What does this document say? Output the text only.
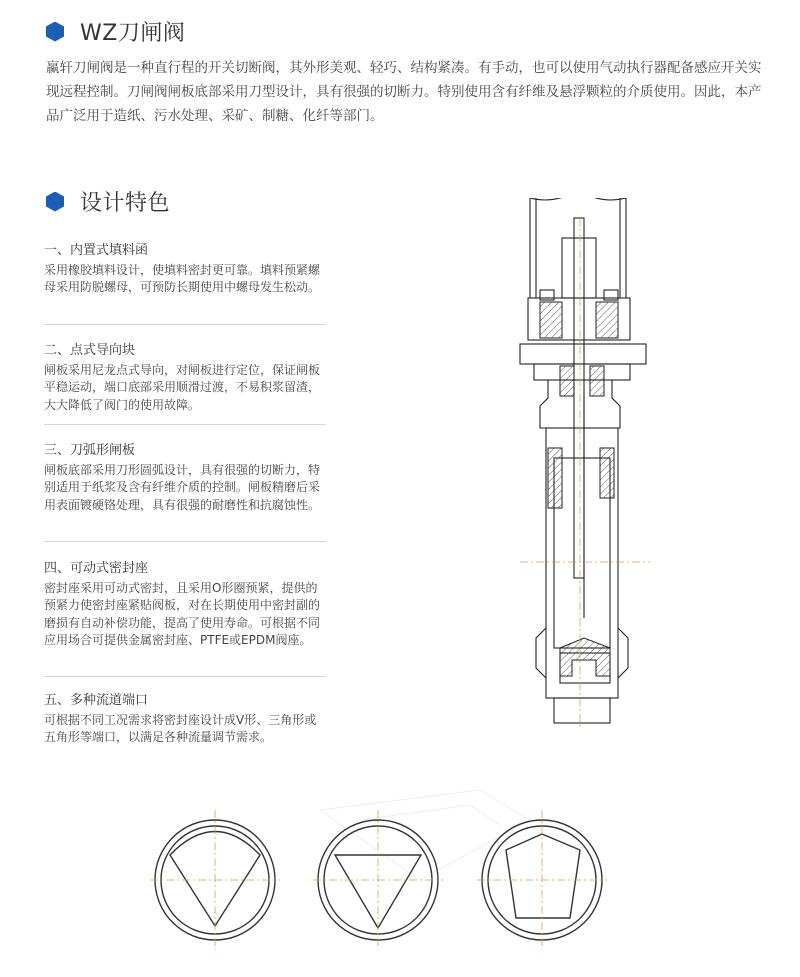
WZ刀闸阀
赢轩刀闸阀是一种直行程的开关切断阀，其外形美观、轻巧、结构紧凑。有手动，也可以使用气动执行器配备感应开关实现远程控制。刀闸阀闸板底部采用刀型设计，具有很强的切断力。特别使用含有纤维及悬浮颗粒的介质使用。因此，本产品广泛用于造纸、污水处理、采矿、制糖、化纤等部门。
设计特色
一、内置式填料函
采用橡胶填料设计，使填料密封更可靠。填料预紧螺母采用防脱螺母，可预防长期使用中螺母发生松动。
二、点式导向块
闸板采用尼龙点式导向，对闸板进行定位，保证闸板平稳运动，端口底部采用顺滑过渡，不易积浆留渣，大大降低了阀门的使用故障。
三、刀弧形闸板
闸板底部采用刀形圆弧设计，具有很强的切断力，特别适用于纸浆及含有纤维介质的控制。闸板精磨后采用表面镀硬铬处理，具有很强的耐磨性和抗腐蚀性。
四、可动式密封座
密封座采用可动式密封，且采用O形圈预紧，提供的预紧力使密封座紧贴阀板，对在长期使用中密封副的磨损有自动补偿功能，提高了使用寿命。可根据不同应用场合可提供金属密封座、PTFE或EPDM阀座。
五、多种流道端口
可根据不同工况需求将密封座设计成V形、三角形或五角形等端口，以满足各种流量调节需求。
